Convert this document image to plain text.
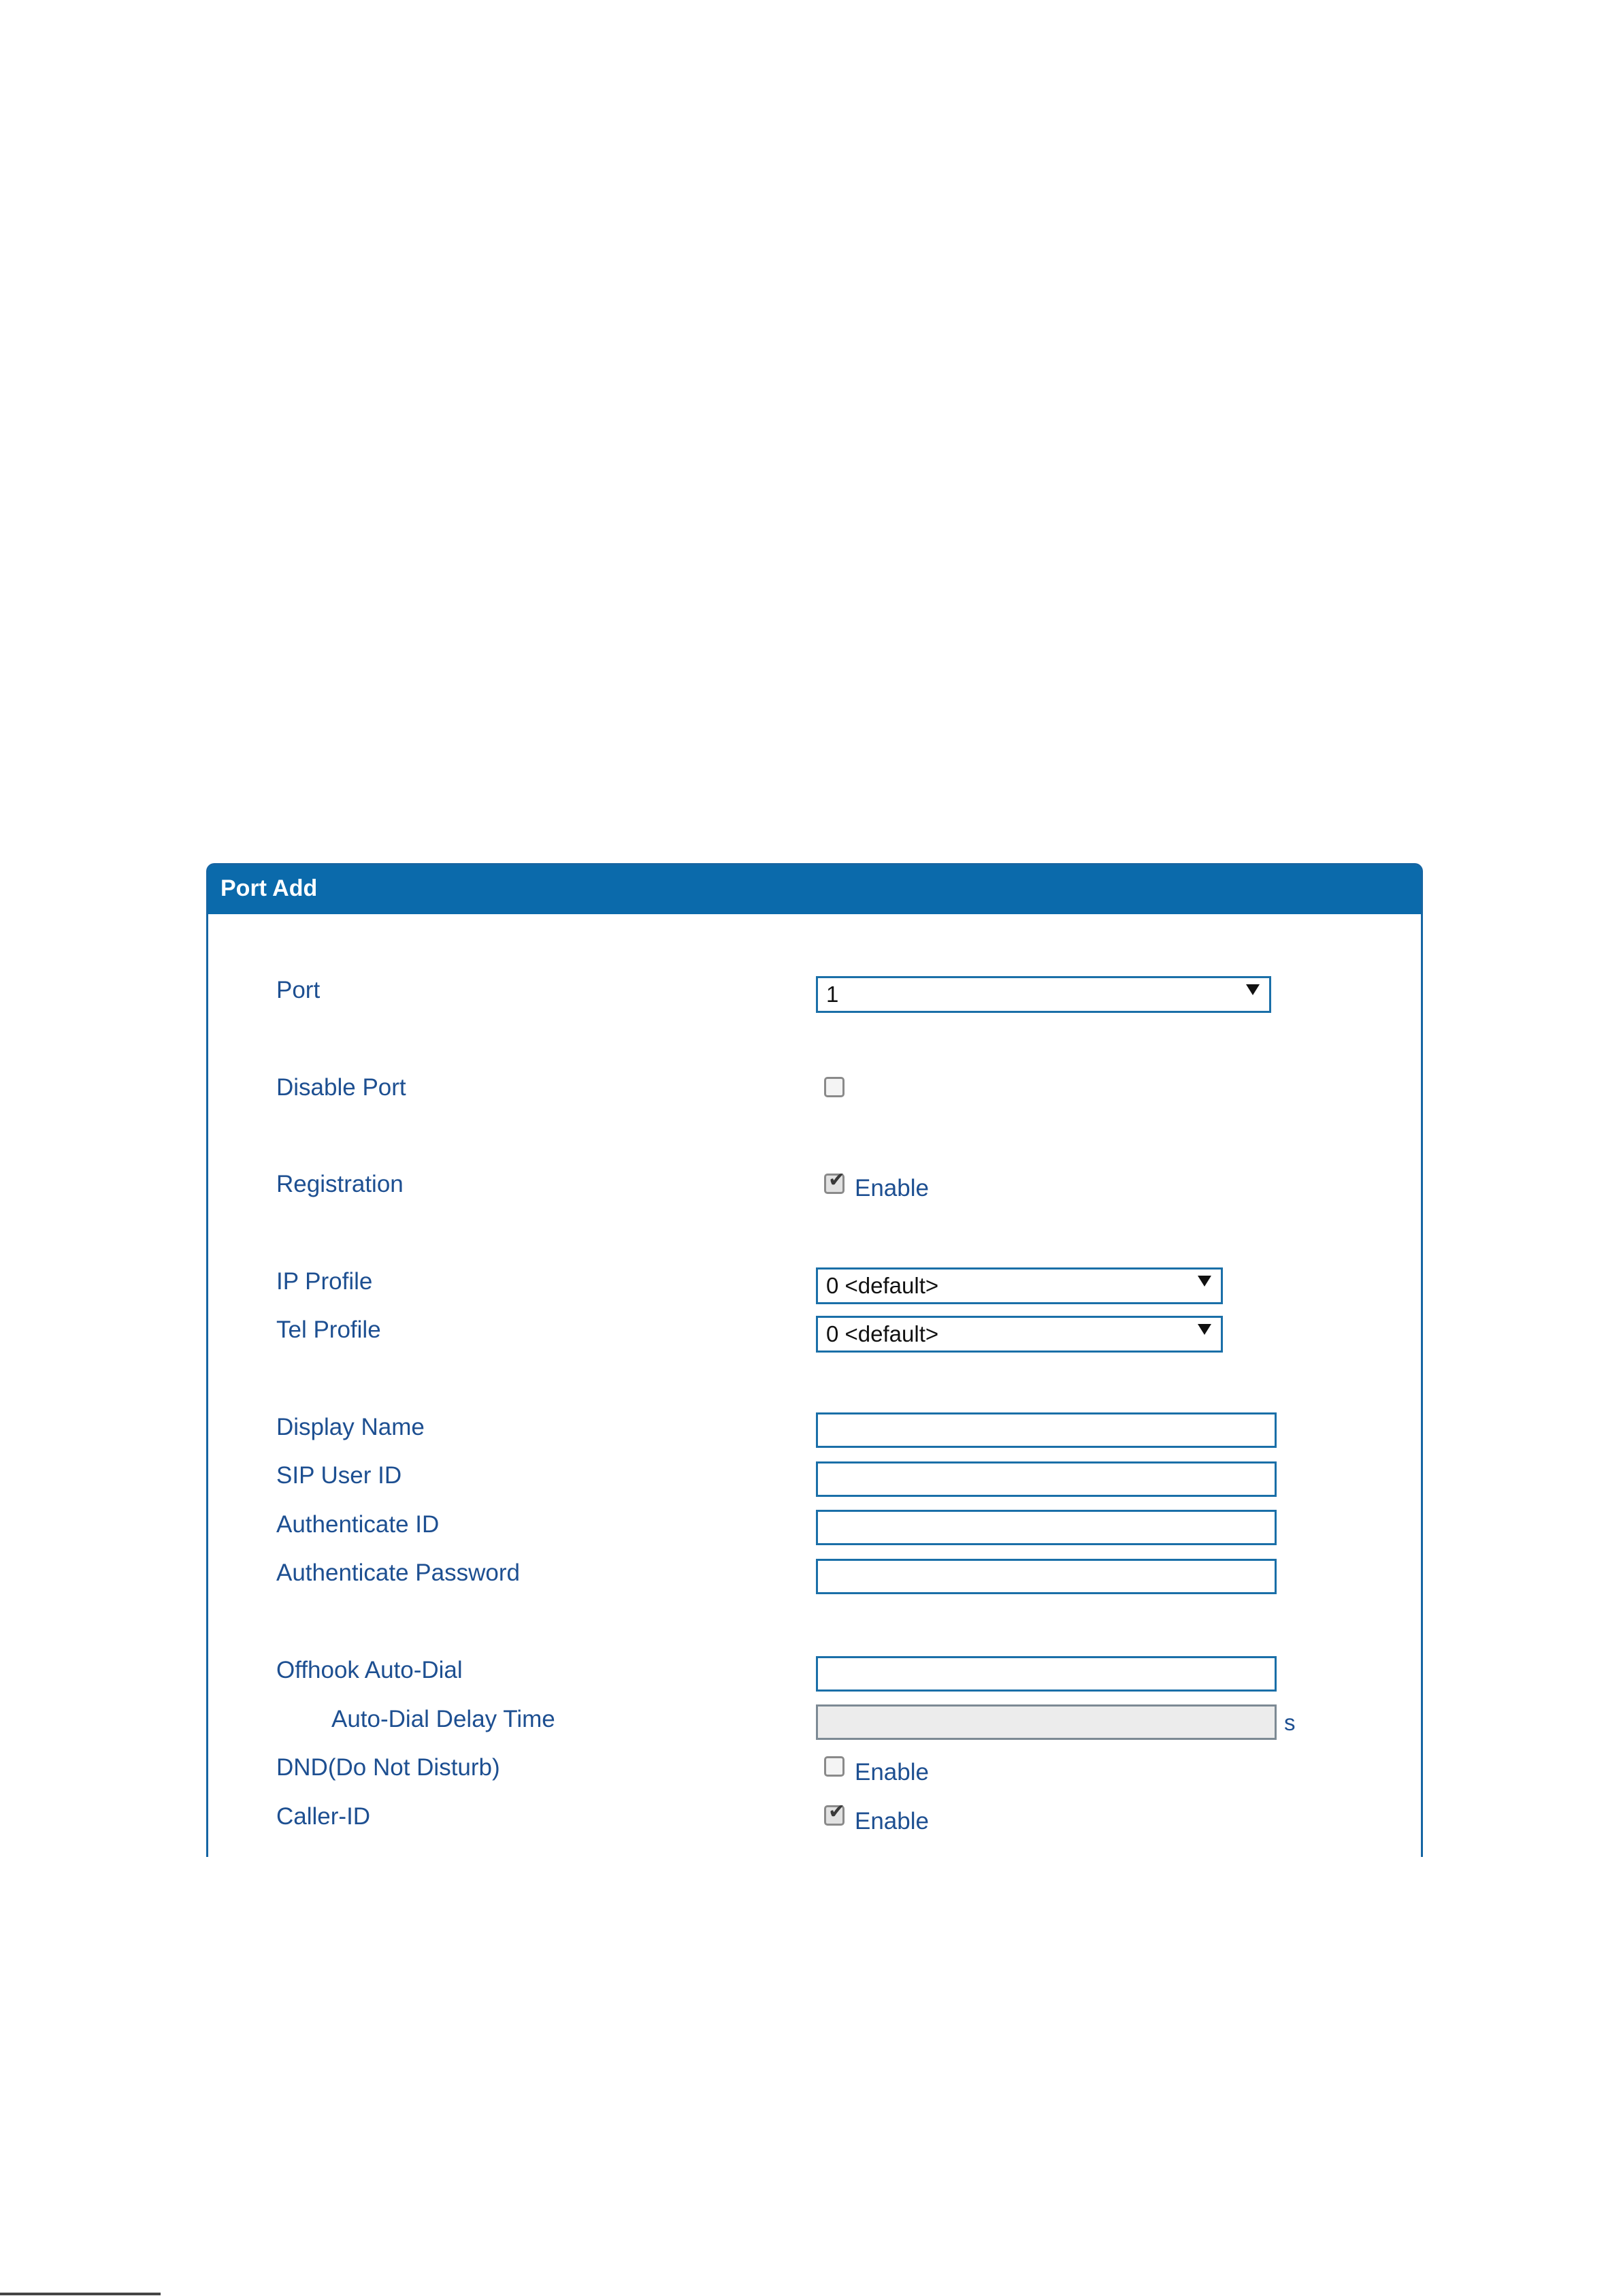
Port Add
Port	1
Disable Port
Registration	✔ Enable
IP Profile	0 <default>
Tel Profile	0 <default>
Display Name
SIP User ID
Authenticate ID
Authenticate Password
Offhook Auto-Dial
Auto-Dial Delay Time	s
DND(Do Not Disturb)	Enable
Caller-ID	✔ Enable
